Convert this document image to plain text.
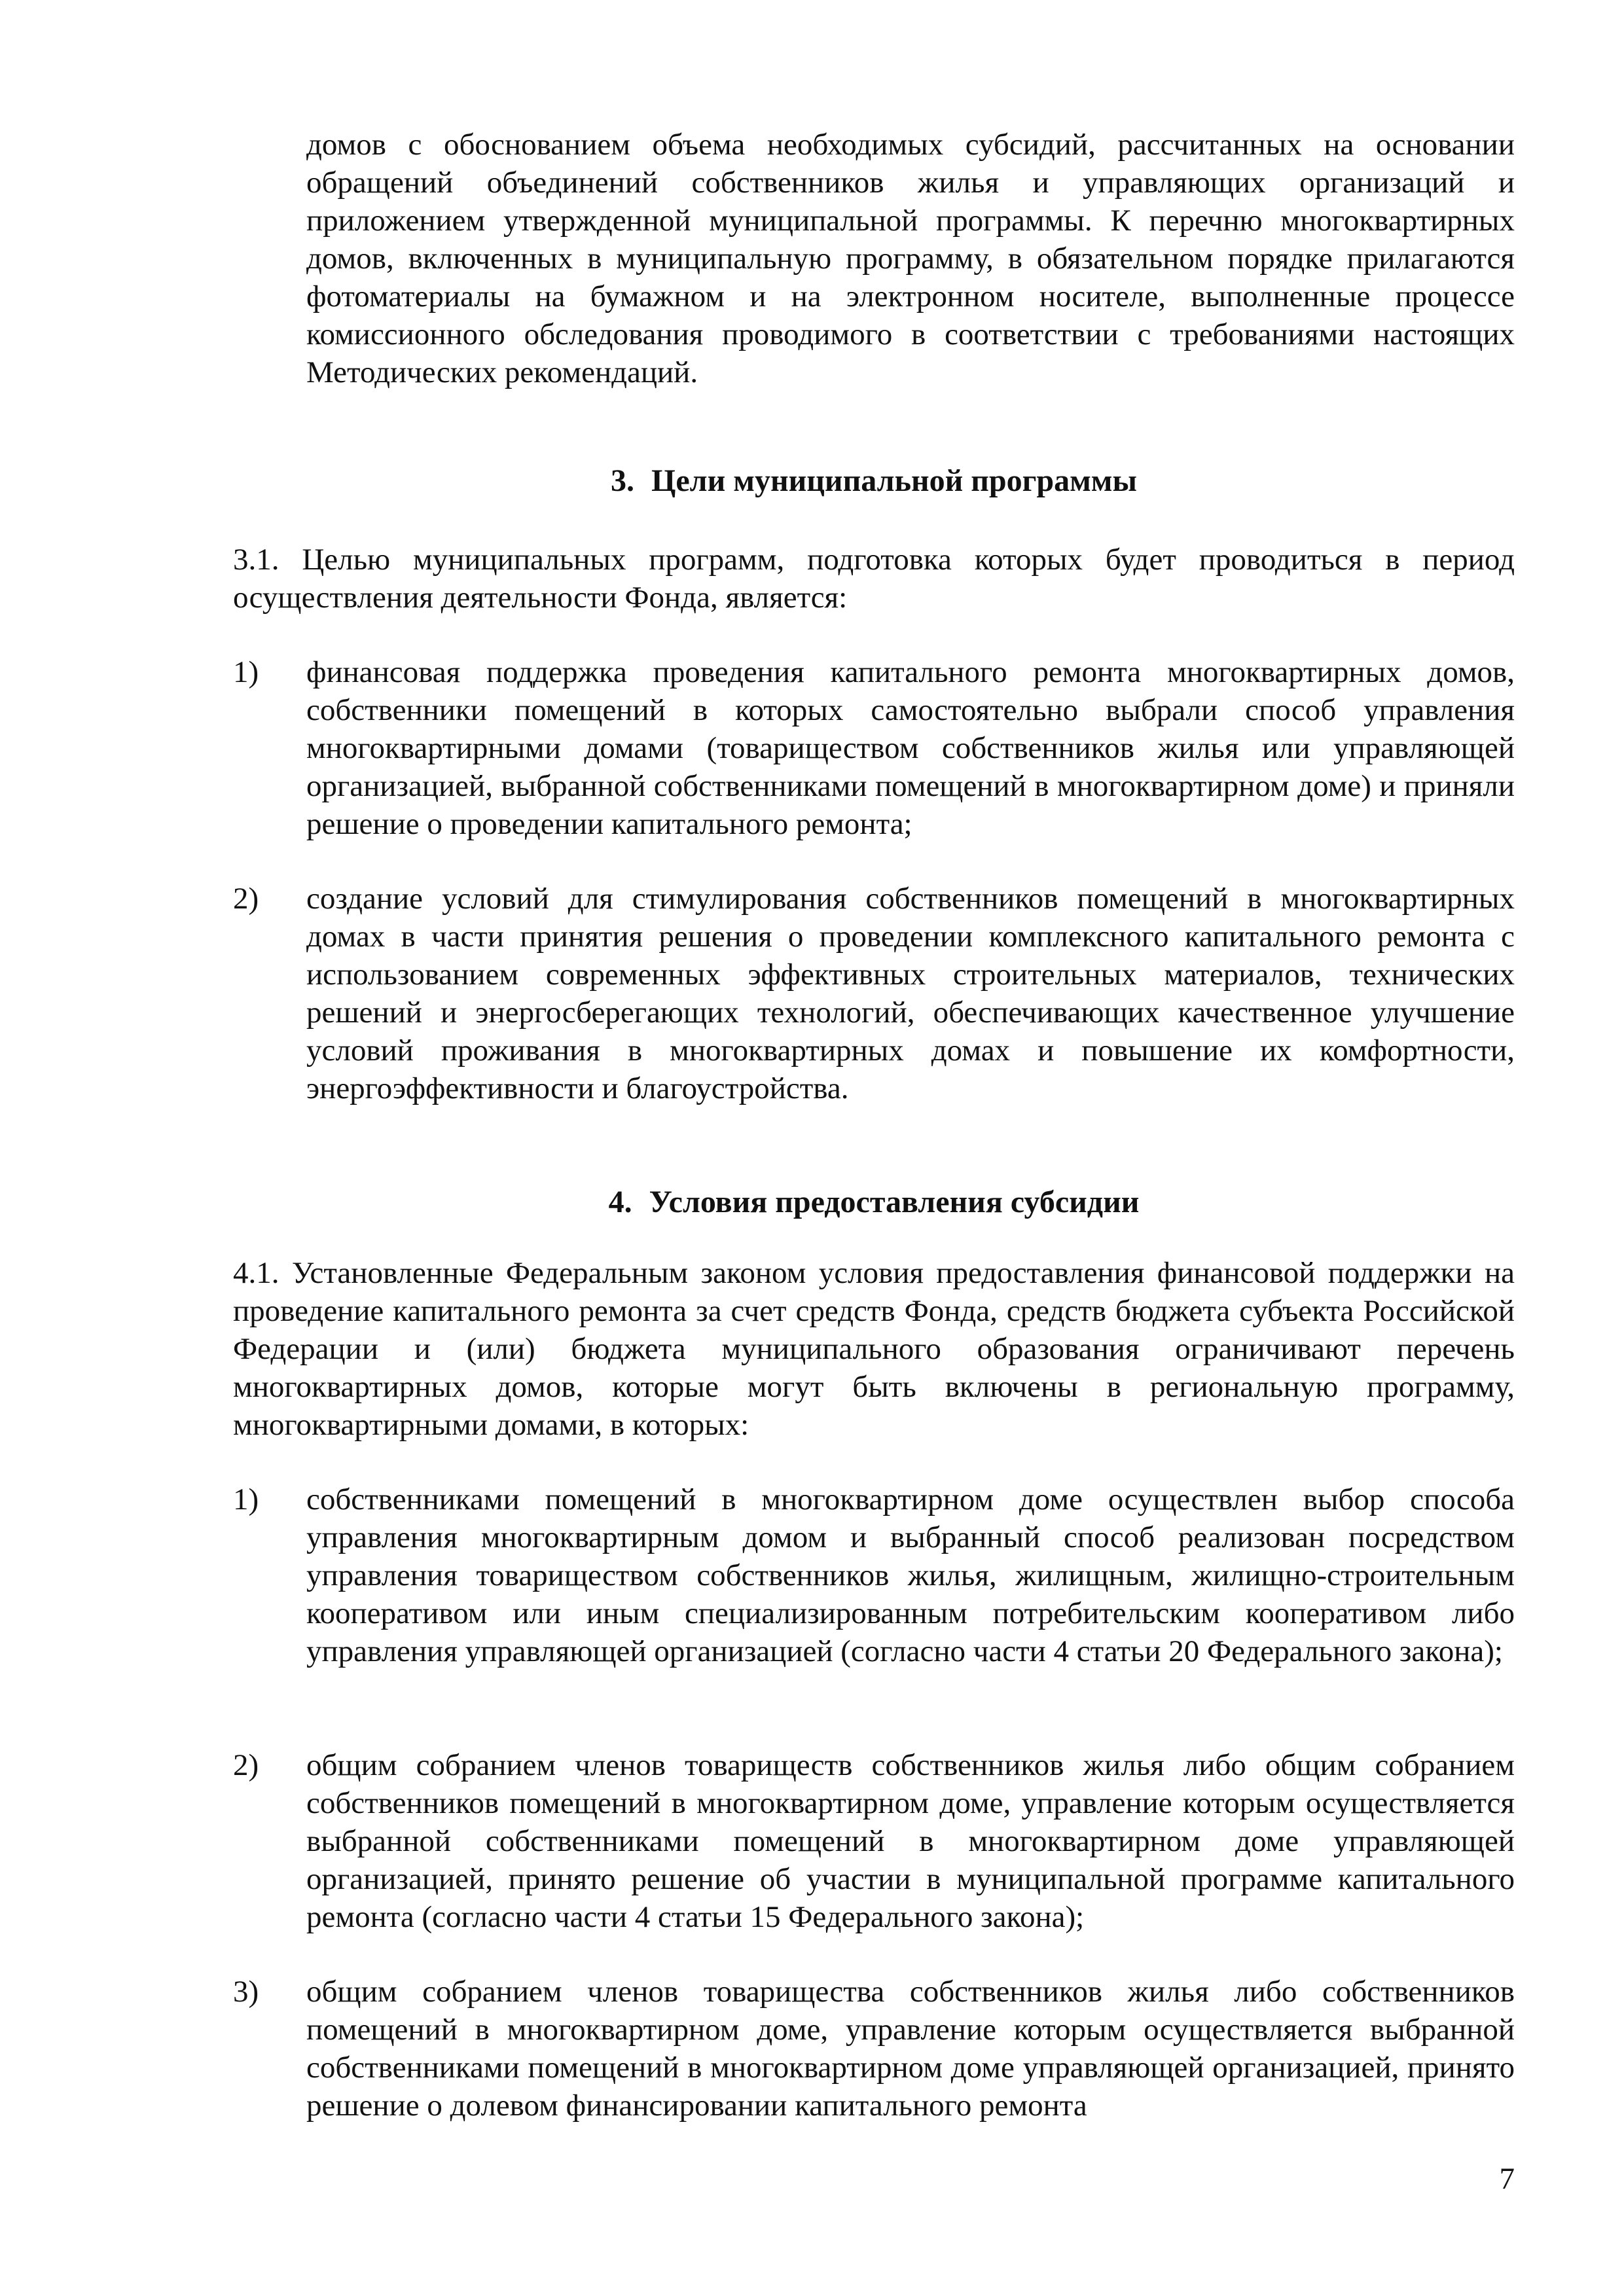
домов с обоснованием объема необходимых субсидий, рассчитанных на основании обращений объединений собственников жилья и управляющих организаций и приложением утвержденной муниципальной программы. К перечню многоквартирных домов, включенных в муниципальную программу, в обязательном порядке прилагаются фотоматериалы на бумажном и на электронном носителе, выполненные процессе комиссионного обследования проводимого в соответствии с требованиями настоящих Методических рекомендаций.

3. Цели муниципальной программы

3.1. Целью муниципальных программ, подготовка которых будет проводиться в период осуществления деятельности Фонда, является:

1) финансовая поддержка проведения капитального ремонта многоквартирных домов, собственники помещений в которых самостоятельно выбрали способ управления многоквартирными домами (товариществом собственников жилья или управляющей организацией, выбранной собственниками помещений в многоквартирном доме) и приняли решение о проведении капитального ремонта;
2) создание условий для стимулирования собственников помещений в многоквартирных домах в части принятия решения о проведении комплексного капитального ремонта с использованием современных эффективных строительных материалов, технических решений и энергосберегающих технологий, обеспечивающих качественное улучшение условий проживания в многоквартирных домах и повышение их комфортности, энергоэффективности и благоустройства.
4. Условия предоставления субсидии

4.1. Установленные Федеральным законом условия предоставления финансовой поддержки на проведение капитального ремонта за счет средств Фонда, средств бюджета субъекта Российской Федерации и (или) бюджета муниципального образования ограничивают перечень многоквартирных домов, которые могут быть включены в региональную программу, многоквартирными домами, в которых:

1) собственниками помещений в многоквартирном доме осуществлен выбор способа управления многоквартирным домом и выбранный способ реализован посредством управления товариществом собственников жилья, жилищным, жилищно-строительным кооперативом или иным специализированным потребительским кооперативом либо управления управляющей организацией (согласно части 4 статьи 20 Федерального закона);
2) общим собранием членов товариществ собственников жилья либо общим собранием собственников помещений в многоквартирном доме, управление которым осуществляется выбранной собственниками помещений в многоквартирном доме управляющей организацией, принято решение об участии в муниципальной программе капитального ремонта (согласно части 4 статьи 15 Федерального закона);
3) общим собранием членов товарищества собственников жилья либо собственников помещений в многоквартирном доме, управление которым осуществляется выбранной собственниками помещений в многоквартирном доме управляющей организацией, принято решение о долевом финансировании капитального ремонта
7
